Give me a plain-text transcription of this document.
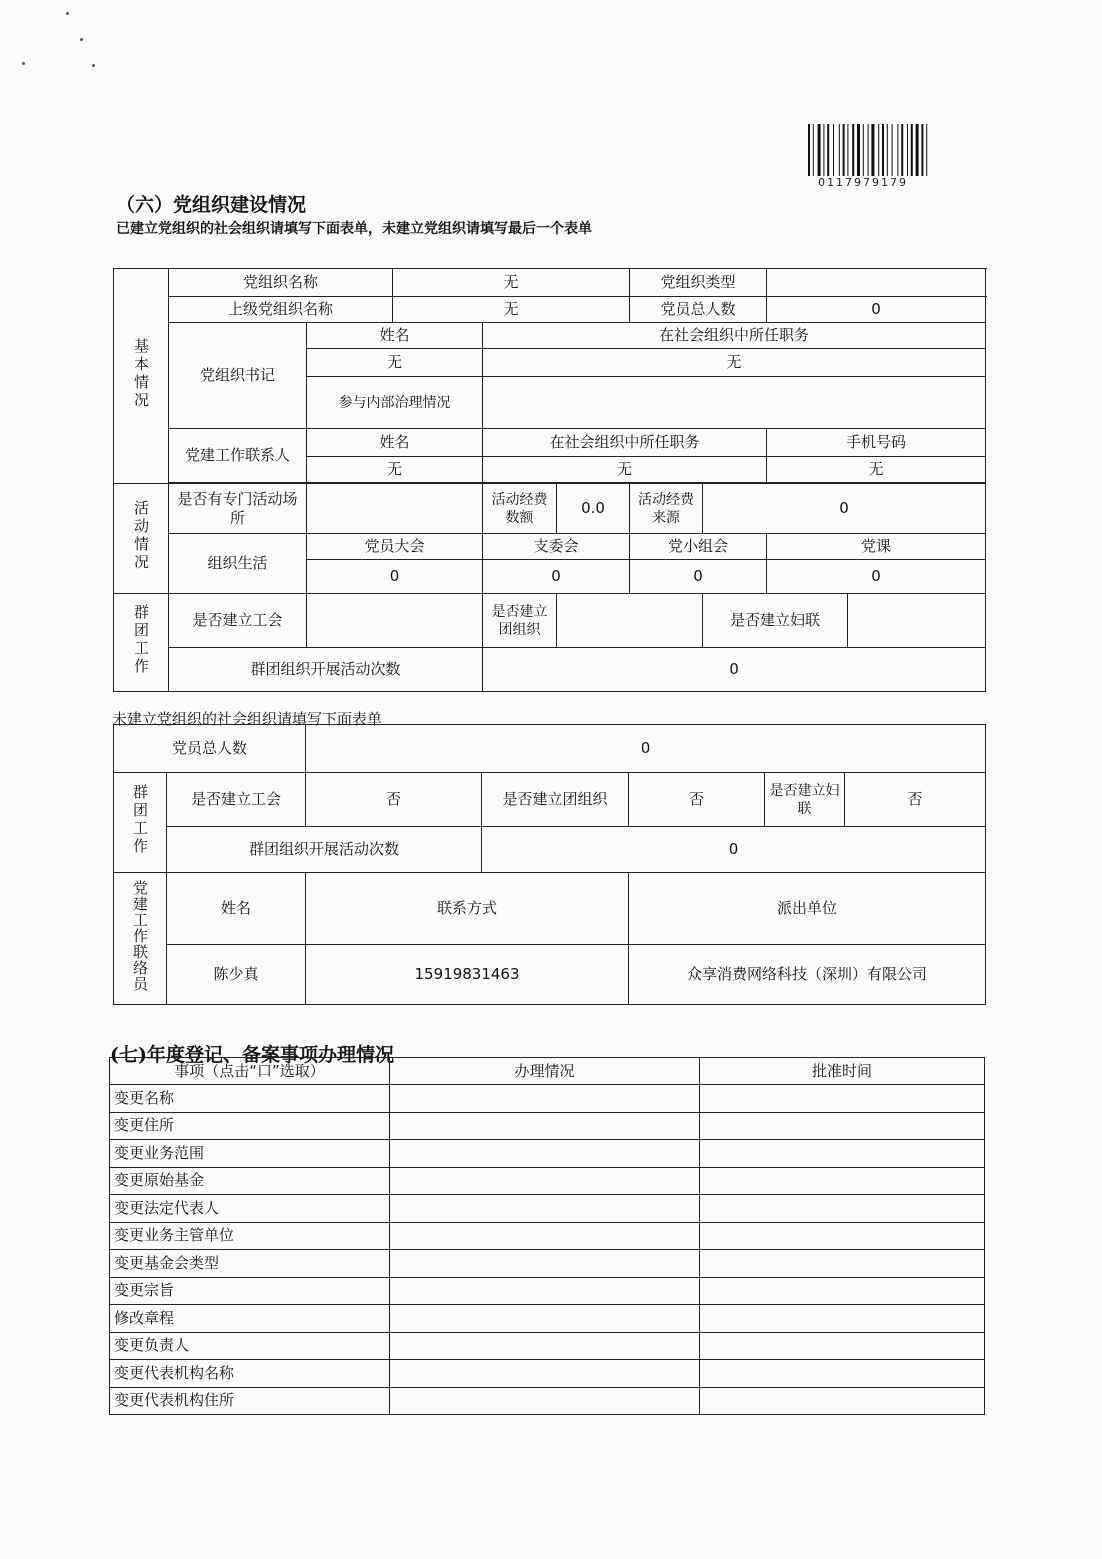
0117979179
（六）党组织建设情况
已建立党组织的社会组织请填写下面表单，未建立党组织请填写最后一个表单
基本情况	党组织名称		无			党组织类型			
	上级党组织名称		无			党员总人数		0	
	党组织书记	姓名		在社会组织中所任职务					
		无		无					
		参与内部治理情况							
	党建工作联系人	姓名		在社会组织中所任职务				手机号码	
		无		无				无	

活动情况	是否有专门活动场所			活动经费数额	0.0	活动经费来源	0		
	组织生活	党员大会		支委会		党小组会		党课	
		0		0		0		0	
群团工作	是否建立工会			是否建立团组织			是否建立妇联		
	群团组织开展活动次数			0					
未建立党组织的社会组织请填写下面表单
党员总人数		0				
群团工作	是否建立工会	否	是否建立团组织	否	是否建立妇联	否
	群团组织开展活动次数		0			
党建工作联络员	姓名	联系方式		派出单位		
	陈少真	15919831463		众享消费网络科技（深圳）有限公司		
(七)年度登记、备案事项办理情况
事项（点击“口”选取）	办理情况	批准时间
变更名称		
变更住所		
变更业务范围		
变更原始基金		
变更法定代表人		
变更业务主管单位		
变更基金会类型		
变更宗旨		
修改章程		
变更负责人		
变更代表机构名称		
变更代表机构住所		
